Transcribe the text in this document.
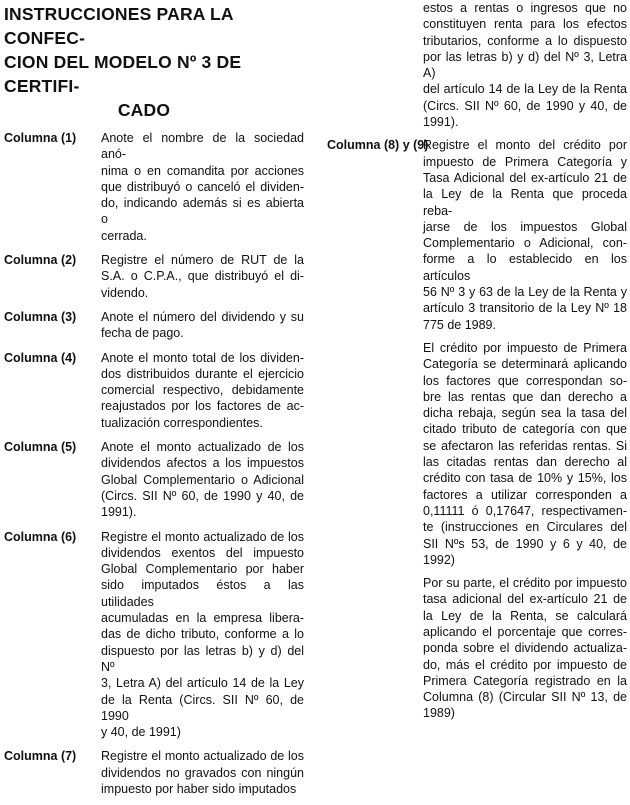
INSTRUCCIONES PARA LA CONFEC-
CION DEL MODELO Nº 3 DE CERTIFI-
CADO
Columna (1)	Anote el nombre de la sociedad anó-
nima o en comandita por acciones
que distribuyó o canceló el dividen-
do, indicando además si es abierta o
cerrada.
Columna (2)	Registre el número de RUT de la
S.A. o C.P.A., que distribuyó el di-
videndo.
Columna (3)	Anote el número del dividendo y su
fecha de pago.
Columna (4)	Anote el monto total de los dividen-
dos distribuidos durante el ejercicio
comercial respectivo, debidamente
reajustados por los factores de ac-
tualización correspondientes.
Columna (5)	Anote el monto actualizado de los
dividendos afectos a los impuestos
Global Complementario o Adicional
(Circs. SII Nº 60, de 1990 y 40, de
1991).
Columna (6)	Registre el monto actualizado de los
dividendos exentos del impuesto
Global Complementario por haber
sido imputados éstos a las utilidades
acumuladas en la empresa libera-
das de dicho tributo, conforme a lo
dispuesto por las letras b) y d) del Nº
3, Letra A) del artículo 14 de la Ley
de la Renta (Circs. SII Nº 60, de 1990
y 40, de 1991)
Columna (7)	Registre el monto actualizado de los
dividendos no gravados con ningún
impuesto por haber sido imputados
estos a rentas o ingresos que no
constituyen renta para los efectos
tributarios, conforme a lo dispuesto
por las letras b) y d) del Nº 3, Letra A)
del artículo 14 de la Ley de la Renta
(Circs. SII Nº 60, de 1990 y 40, de
1991).
Columna (8) y (9)
Registre el monto del crédito por
impuesto de Primera Categoría y
Tasa Adicional del ex-artículo 21 de
la Ley de la Renta que proceda reba-
jarse de los impuestos Global
Complementario o Adicional, con-
forme a lo establecido en los artículos
56 Nº 3 y 63 de la Ley de la Renta y
artículo 3 transitorio de la Ley Nº 18
775 de 1989.
El crédito por impuesto de Primera
Categoría se determinará aplicando
los factores que correspondan so-
bre las rentas que dan derecho a
dicha rebaja, según sea la tasa del
citado tributo de categoría con que
se afectaron las referidas rentas. Si
las citadas rentas dan derecho al
crédito con tasa de 10% y 15%, los
factores a utilizar corresponden a
0,11111 ó 0,17647, respectivamen-
te (instrucciones en Circulares del
SII Nºs 53, de 1990 y 6 y 40, de 1992)
Por su parte, el crédito por impuesto
tasa adicional del ex-artículo 21 de
la Ley de la Renta, se calculará
aplicando el porcentaje que corres-
ponda sobre el dividendo actualiza-
do, más el crédito por impuesto de
Primera Categoría registrado en la
Columna (8) (Circular SII Nº 13, de
1989)
